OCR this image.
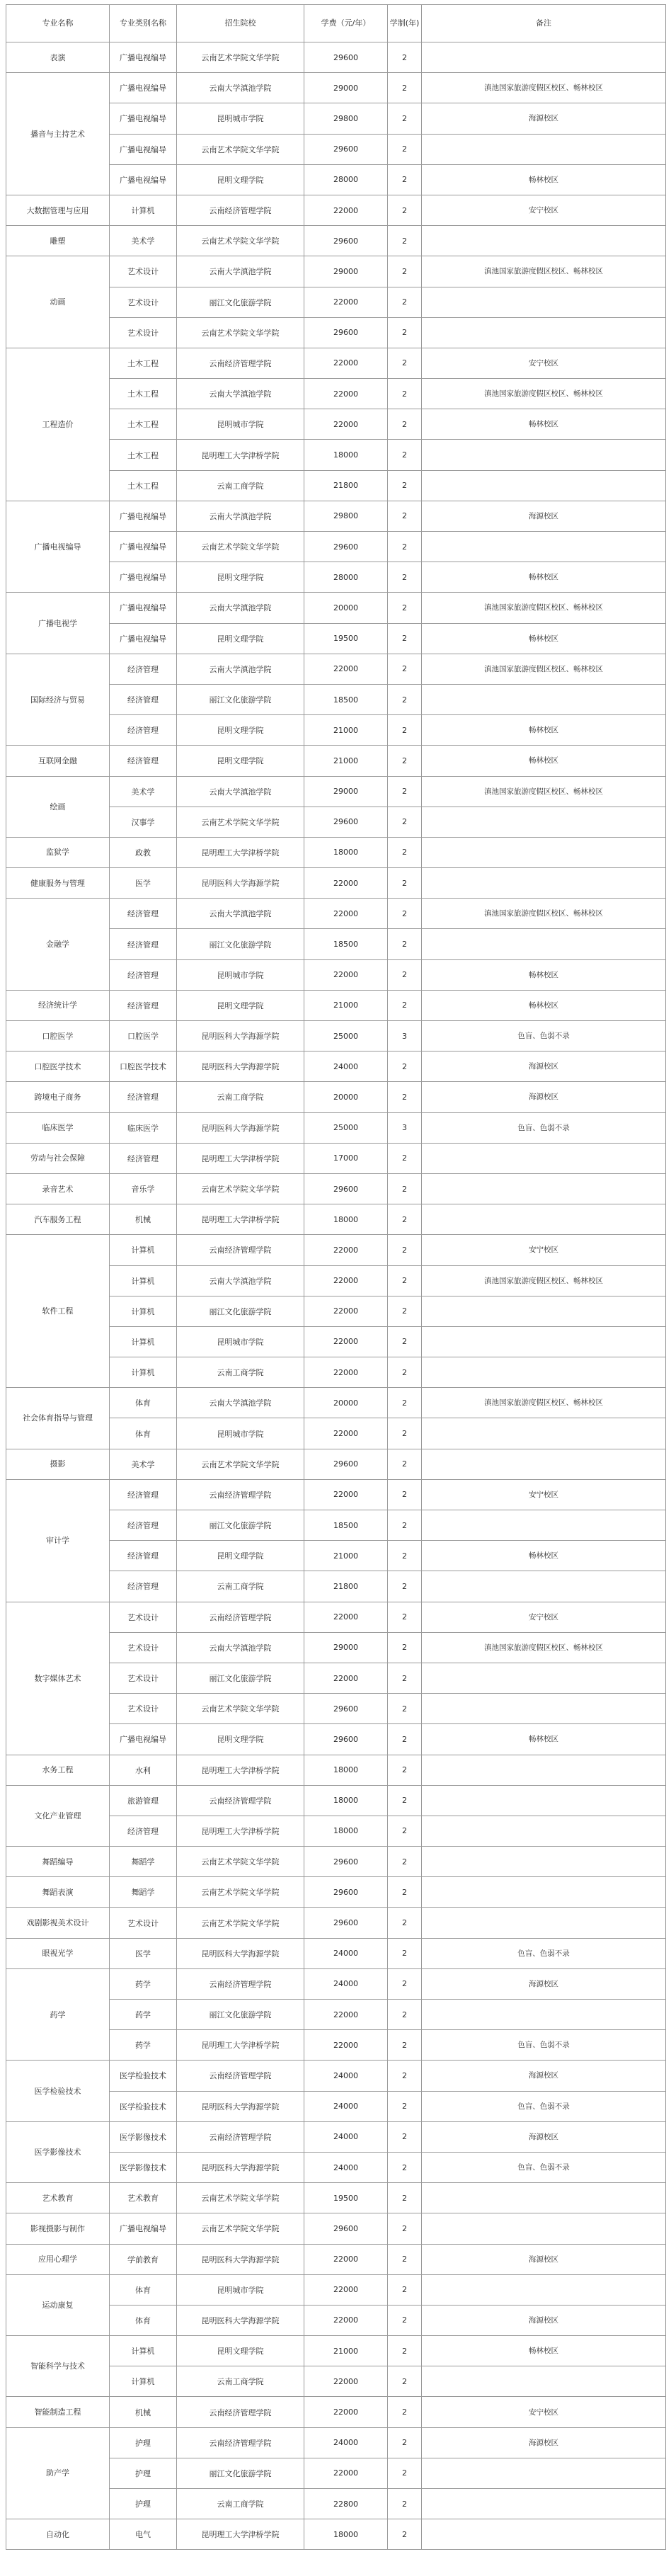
专业名称	专业类别名称	招生院校	学费（元/年）	学制(年)	备注
表演	广播电视编导	云南艺术学院文华学院	29600	2	
播音与主持艺术	广播电视编导	云南大学滇池学院	29000	2	滇池国家旅游度假区校区、畅林校区
	广播电视编导	昆明城市学院	29800	2	海源校区
	广播电视编导	云南艺术学院文华学院	29600	2	
	广播电视编导	昆明文理学院	28000	2	畅林校区
大数据管理与应用	计算机	云南经济管理学院	22000	2	安宁校区
雕塑	美术学	云南艺术学院文华学院	29600	2	
动画	艺术设计	云南大学滇池学院	29000	2	滇池国家旅游度假区校区、畅林校区
	艺术设计	丽江文化旅游学院	22000	2	
	艺术设计	云南艺术学院文华学院	29600	2	
工程造价	土木工程	云南经济管理学院	22000	2	安宁校区
	土木工程	云南大学滇池学院	22000	2	滇池国家旅游度假区校区、畅林校区
	土木工程	昆明城市学院	22000	2	畅林校区
	土木工程	昆明理工大学津桥学院	18000	2	
	土木工程	云南工商学院	21800	2	
广播电视编导	广播电视编导	云南大学滇池学院	29800	2	海源校区
	广播电视编导	云南艺术学院文华学院	29600	2	
	广播电视编导	昆明文理学院	28000	2	畅林校区
广播电视学	广播电视编导	云南大学滇池学院	20000	2	滇池国家旅游度假区校区、畅林校区
	广播电视编导	昆明文理学院	19500	2	畅林校区
国际经济与贸易	经济管理	云南大学滇池学院	22000	2	滇池国家旅游度假区校区、畅林校区
	经济管理	丽江文化旅游学院	18500	2	
	经济管理	昆明文理学院	21000	2	畅林校区
互联网金融	经济管理	昆明文理学院	21000	2	畅林校区
绘画	美术学	云南大学滇池学院	29000	2	滇池国家旅游度假区校区、畅林校区
	汉事学	云南艺术学院文华学院	29600	2	
监狱学	政教	昆明理工大学津桥学院	18000	2	
健康服务与管理	医学	昆明医科大学海源学院	22000	2	
金融学	经济管理	云南大学滇池学院	22000	2	滇池国家旅游度假区校区、畅林校区
	经济管理	丽江文化旅游学院	18500	2	
	经济管理	昆明城市学院	22000	2	畅林校区
经济统计学	经济管理	昆明文理学院	21000	2	畅林校区
口腔医学	口腔医学	昆明医科大学海源学院	25000	3	色盲、色弱不录
口腔医学技术	口腔医学技术	昆明医科大学海源学院	24000	2	海源校区
跨境电子商务	经济管理	云南工商学院	20000	2	海源校区
临床医学	临床医学	昆明医科大学海源学院	25000	3	色盲、色弱不录
劳动与社会保障	经济管理	昆明理工大学津桥学院	17000	2	
录音艺术	音乐学	云南艺术学院文华学院	29600	2	
汽车服务工程	机械	昆明理工大学津桥学院	18000	2	
软件工程	计算机	云南经济管理学院	22000	2	安宁校区
	计算机	云南大学滇池学院	22000	2	滇池国家旅游度假区校区、畅林校区
	计算机	丽江文化旅游学院	22000	2	
	计算机	昆明城市学院	22000	2	
	计算机	云南工商学院	22000	2	
社会体育指导与管理	体育	云南大学滇池学院	20000	2	滇池国家旅游度假区校区、畅林校区
	体育	昆明城市学院	22000	2	
摄影	美术学	云南艺术学院文华学院	29600	2	
审计学	经济管理	云南经济管理学院	22000	2	安宁校区
	经济管理	丽江文化旅游学院	18500	2	
	经济管理	昆明文理学院	21000	2	畅林校区
	经济管理	云南工商学院	21800	2	
数字媒体艺术	艺术设计	云南经济管理学院	22000	2	安宁校区
	艺术设计	云南大学滇池学院	29000	2	滇池国家旅游度假区校区、畅林校区
	艺术设计	丽江文化旅游学院	22000	2	
	艺术设计	云南艺术学院文华学院	29600	2	
	广播电视编导	昆明文理学院	29600	2	畅林校区
水务工程	水利	昆明理工大学津桥学院	18000	2	
文化产业管理	旅游管理	云南经济管理学院	18000	2	
	经济管理	昆明理工大学津桥学院	18000	2	
舞蹈编导	舞蹈学	云南艺术学院文华学院	29600	2	
舞蹈表演	舞蹈学	云南艺术学院文华学院	29600	2	
戏剧影视美术设计	艺术设计	云南艺术学院文华学院	29600	2	
眼视光学	医学	昆明医科大学海源学院	24000	2	色盲、色弱不录
药学	药学	云南经济管理学院	24000	2	海源校区
	药学	丽江文化旅游学院	22000	2	
	药学	昆明理工大学津桥学院	22000	2	色盲、色弱不录
医学检验技术	医学检验技术	云南经济管理学院	24000	2	海源校区
	医学检验技术	昆明医科大学海源学院	24000	2	色盲、色弱不录
医学影像技术	医学影像技术	云南经济管理学院	24000	2	海源校区
	医学影像技术	昆明医科大学海源学院	24000	2	色盲、色弱不录
艺术教育	艺术教育	云南艺术学院文华学院	19500	2	
影视摄影与制作	广播电视编导	云南艺术学院文华学院	29600	2	
应用心理学	学前教育	昆明医科大学海源学院	22000	2	海源校区
运动康复	体育	昆明城市学院	22000	2	
	体育	昆明医科大学海源学院	22000	2	海源校区
智能科学与技术	计算机	昆明文理学院	21000	2	畅林校区
	计算机	云南工商学院	22000	2	
智能制造工程	机械	云南经济管理学院	22000	2	安宁校区
助产学	护理	云南经济管理学院	24000	2	海源校区
	护理	丽江文化旅游学院	22000	2	
	护理	云南工商学院	22800	2	
自动化	电气	昆明理工大学津桥学院	18000	2	
